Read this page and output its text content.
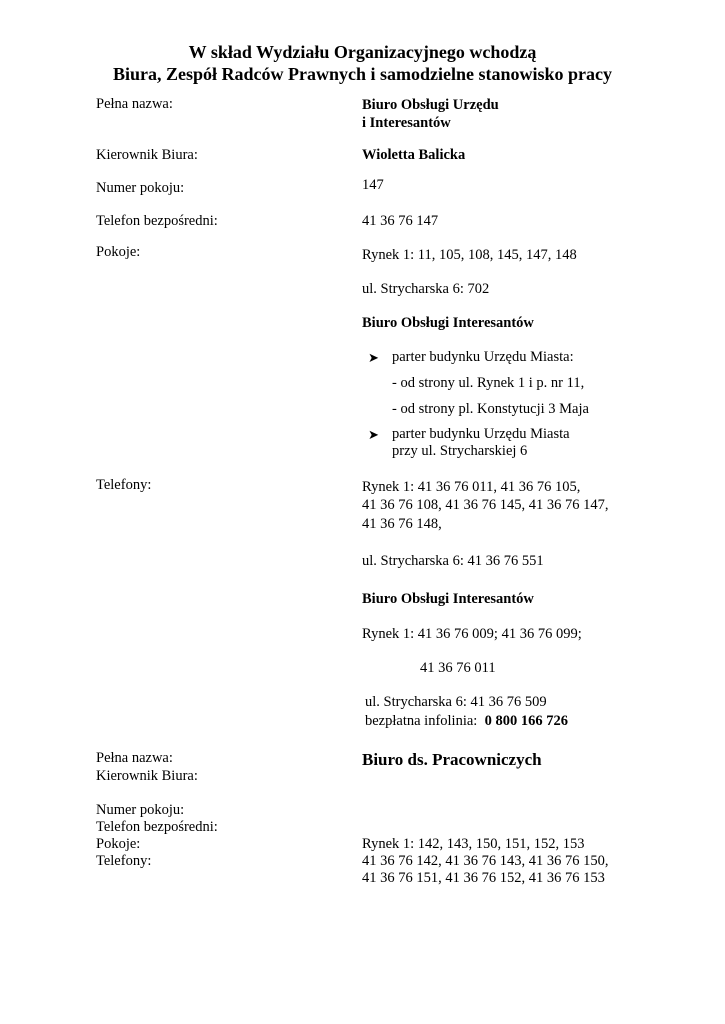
W skład Wydziału Organizacyjnego wchodzą
Biura, Zespół Radców Prawnych i samodzielne stanowisko pracy
Pełna nazwa:
Kierownik Biura:
Numer pokoju:
Telefon bezpośredni:
Pokoje:
Telefony:
Biuro Obsługi Urzędu
i Interesantów
Wioletta Balicka
147
41 36 76 147
Rynek 1: 11, 105, 108, 145, 147, 148
ul. Strycharska 6: 702
Biuro Obsługi Interesantów
➤ parter budynku Urzędu Miasta:
- od strony ul. Rynek 1 i p. nr 11,
- od strony pl. Konstytucji 3 Maja
➤ parter budynku Urzędu Miasta
przy ul. Strycharskiej 6
Rynek 1: 41 36 76 011, 41 36 76 105,
41 36 76 108, 41 36 76 145, 41 36 76 147,
41 36 76 148,
ul. Strycharska 6: 41 36 76 551
Biuro Obsługi Interesantów
Rynek 1: 41 36 76 009; 41 36 76 099;
41 36 76 011
ul. Strycharska 6: 41 36 76 509
bezpłatna infolinia: 0 800 166 726
Pełna nazwa:
Kierownik Biura:
Numer pokoju:
Telefon bezpośredni:
Pokoje:
Telefony:
Biuro ds. Pracowniczych
Rynek 1: 142, 143, 150, 151, 152, 153
41 36 76 142, 41 36 76 143, 41 36 76 150,
41 36 76 151, 41 36 76 152, 41 36 76 153
